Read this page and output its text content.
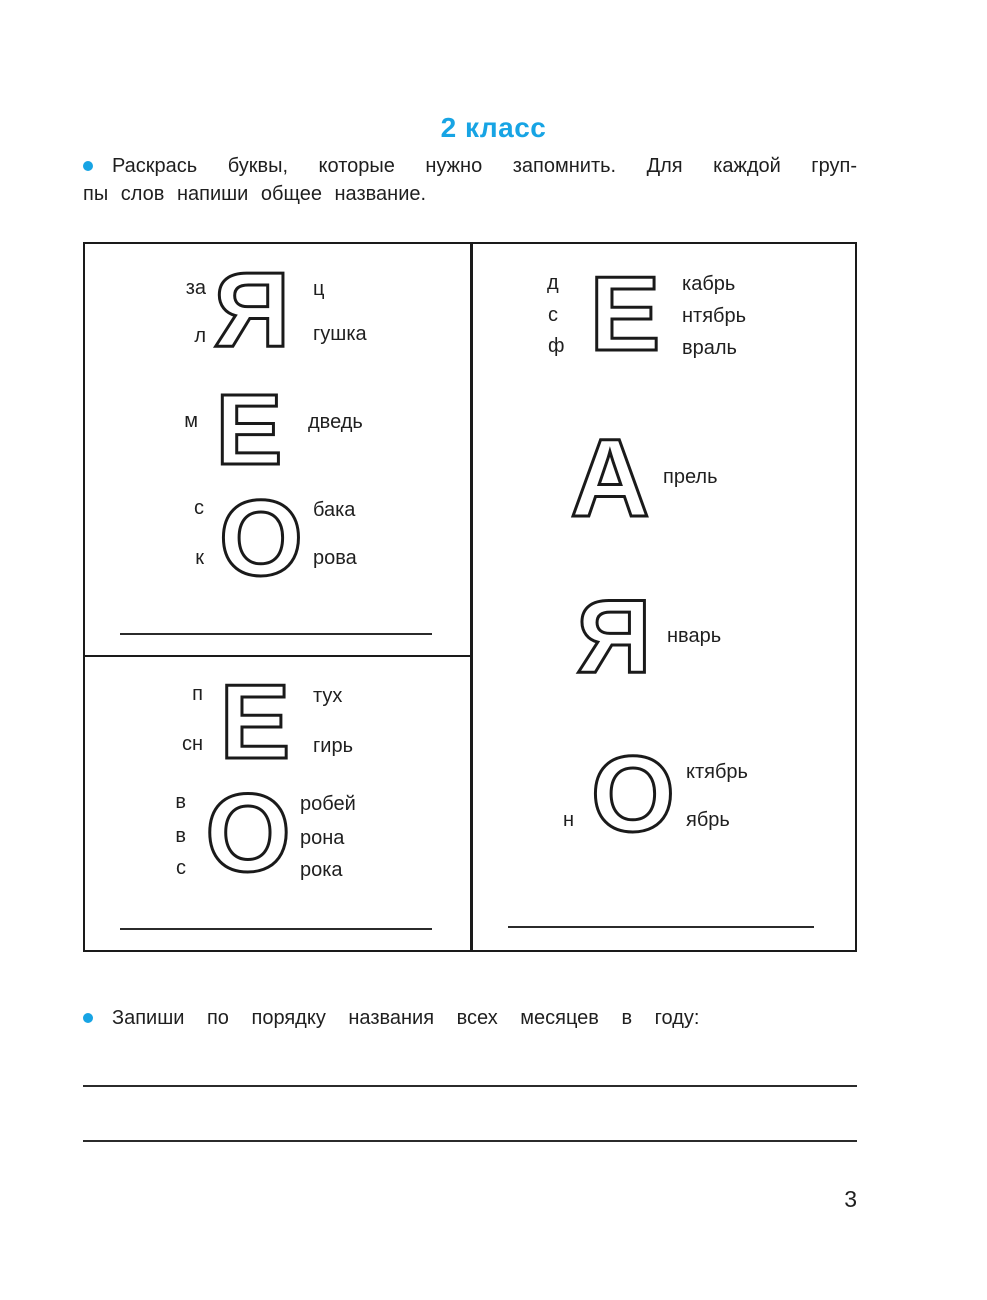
2 класс
Раскрась буквы, которые нужно запомнить. Для каждой груп-
пы слов напиши общее название.
за Я ц
л	гушка
м Е дведь
с О бака
к	рова
п Е тух
сн	гирь
в О робей
в	рона
с	рока
д Е кабрь
с	нтябрь
ф	враль
А прель
Я нварь
О ктябрь
н	ябрь
Запиши по порядку названия всех месяцев в году:
3
